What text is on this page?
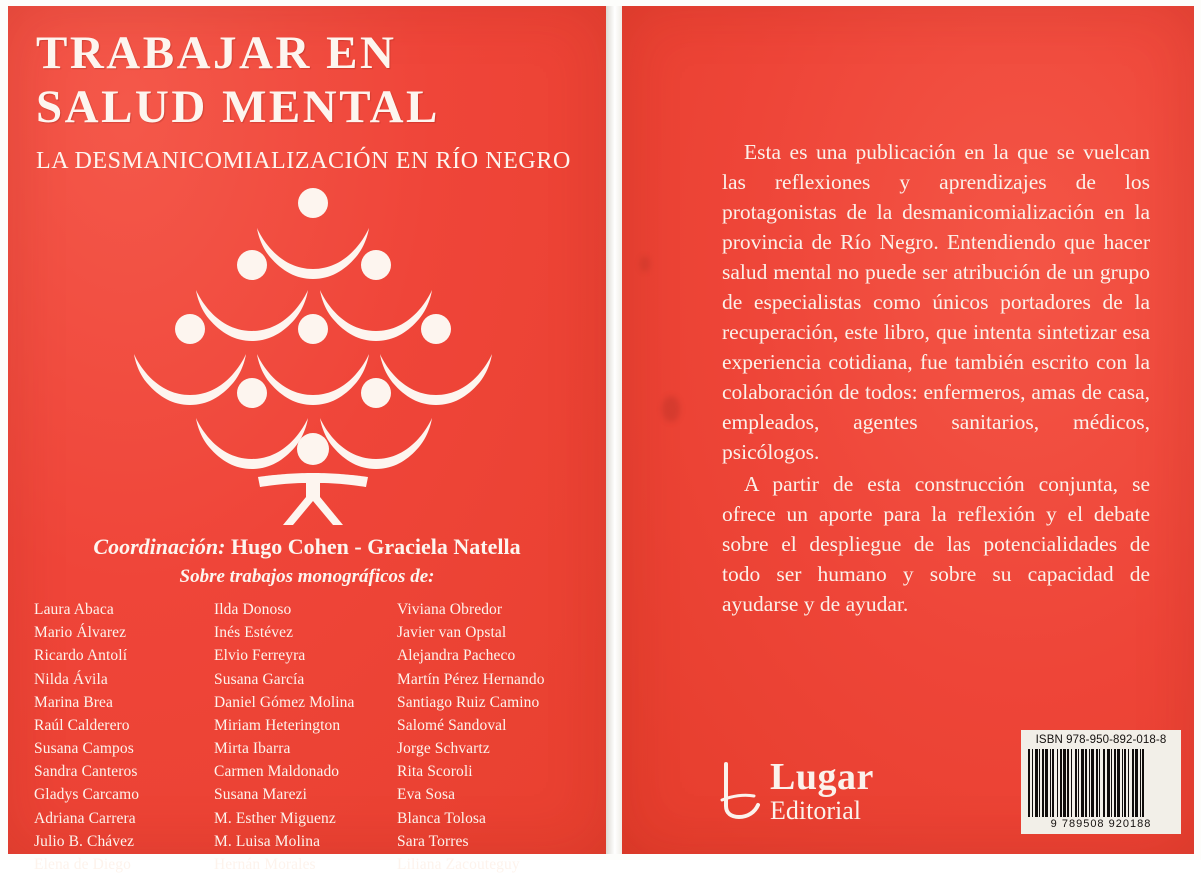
TRABAJAR EN
SALUD MENTAL
LA DESMANICOMIALIZACIÓN EN RÍO NEGRO
Coordinación: Hugo Cohen - Graciela Natella
Sobre trabajos monográficos de:
Laura Abaca
Mario Álvarez
Ricardo Antolí
Nilda Ávila
Marina Brea
Raúl Calderero
Susana Campos
Sandra Canteros
Gladys Carcamo
Adriana Carrera
Julio B. Chávez
Elena de Diego
Ilda Donoso
Inés Estévez
Elvio Ferreyra
Susana García
Daniel Gómez Molina
Miriam Heterington
Mirta Ibarra
Carmen Maldonado
Susana Marezi
M. Esther Miguenz
M. Luisa Molina
Hernán Morales
Viviana Obredor
Javier van Opstal
Alejandra Pacheco
Martín Pérez Hernando
Santiago Ruiz Camino
Salomé Sandoval
Jorge Schvartz
Rita Scoroli
Eva Sosa
Blanca Tolosa
Sara Torres
Liliana Zacouteguy

Esta es una publicación en la que se vuelcan las reflexiones y aprendizajes de los protagonistas de la desmanicomialización en la provincia de Río Negro. Entendiendo que hacer salud mental no puede ser atribución de un grupo de especialistas como únicos portadores de la recuperación, este libro, que intenta sintetizar esa experiencia cotidiana, fue también escrito con la colaboración de todos: enfermeros, amas de casa, empleados, agentes sanitarios, médicos, psicólogos.

A partir de esta construcción conjunta, se ofrece un aporte para la reflexión y el debate sobre el despliegue de las potencialidades de todo ser humano y sobre su capacidad de ayudarse y de ayudar.

Lugar
Editorial
ISBN 978-950-892-018-8
9 789508 920188
